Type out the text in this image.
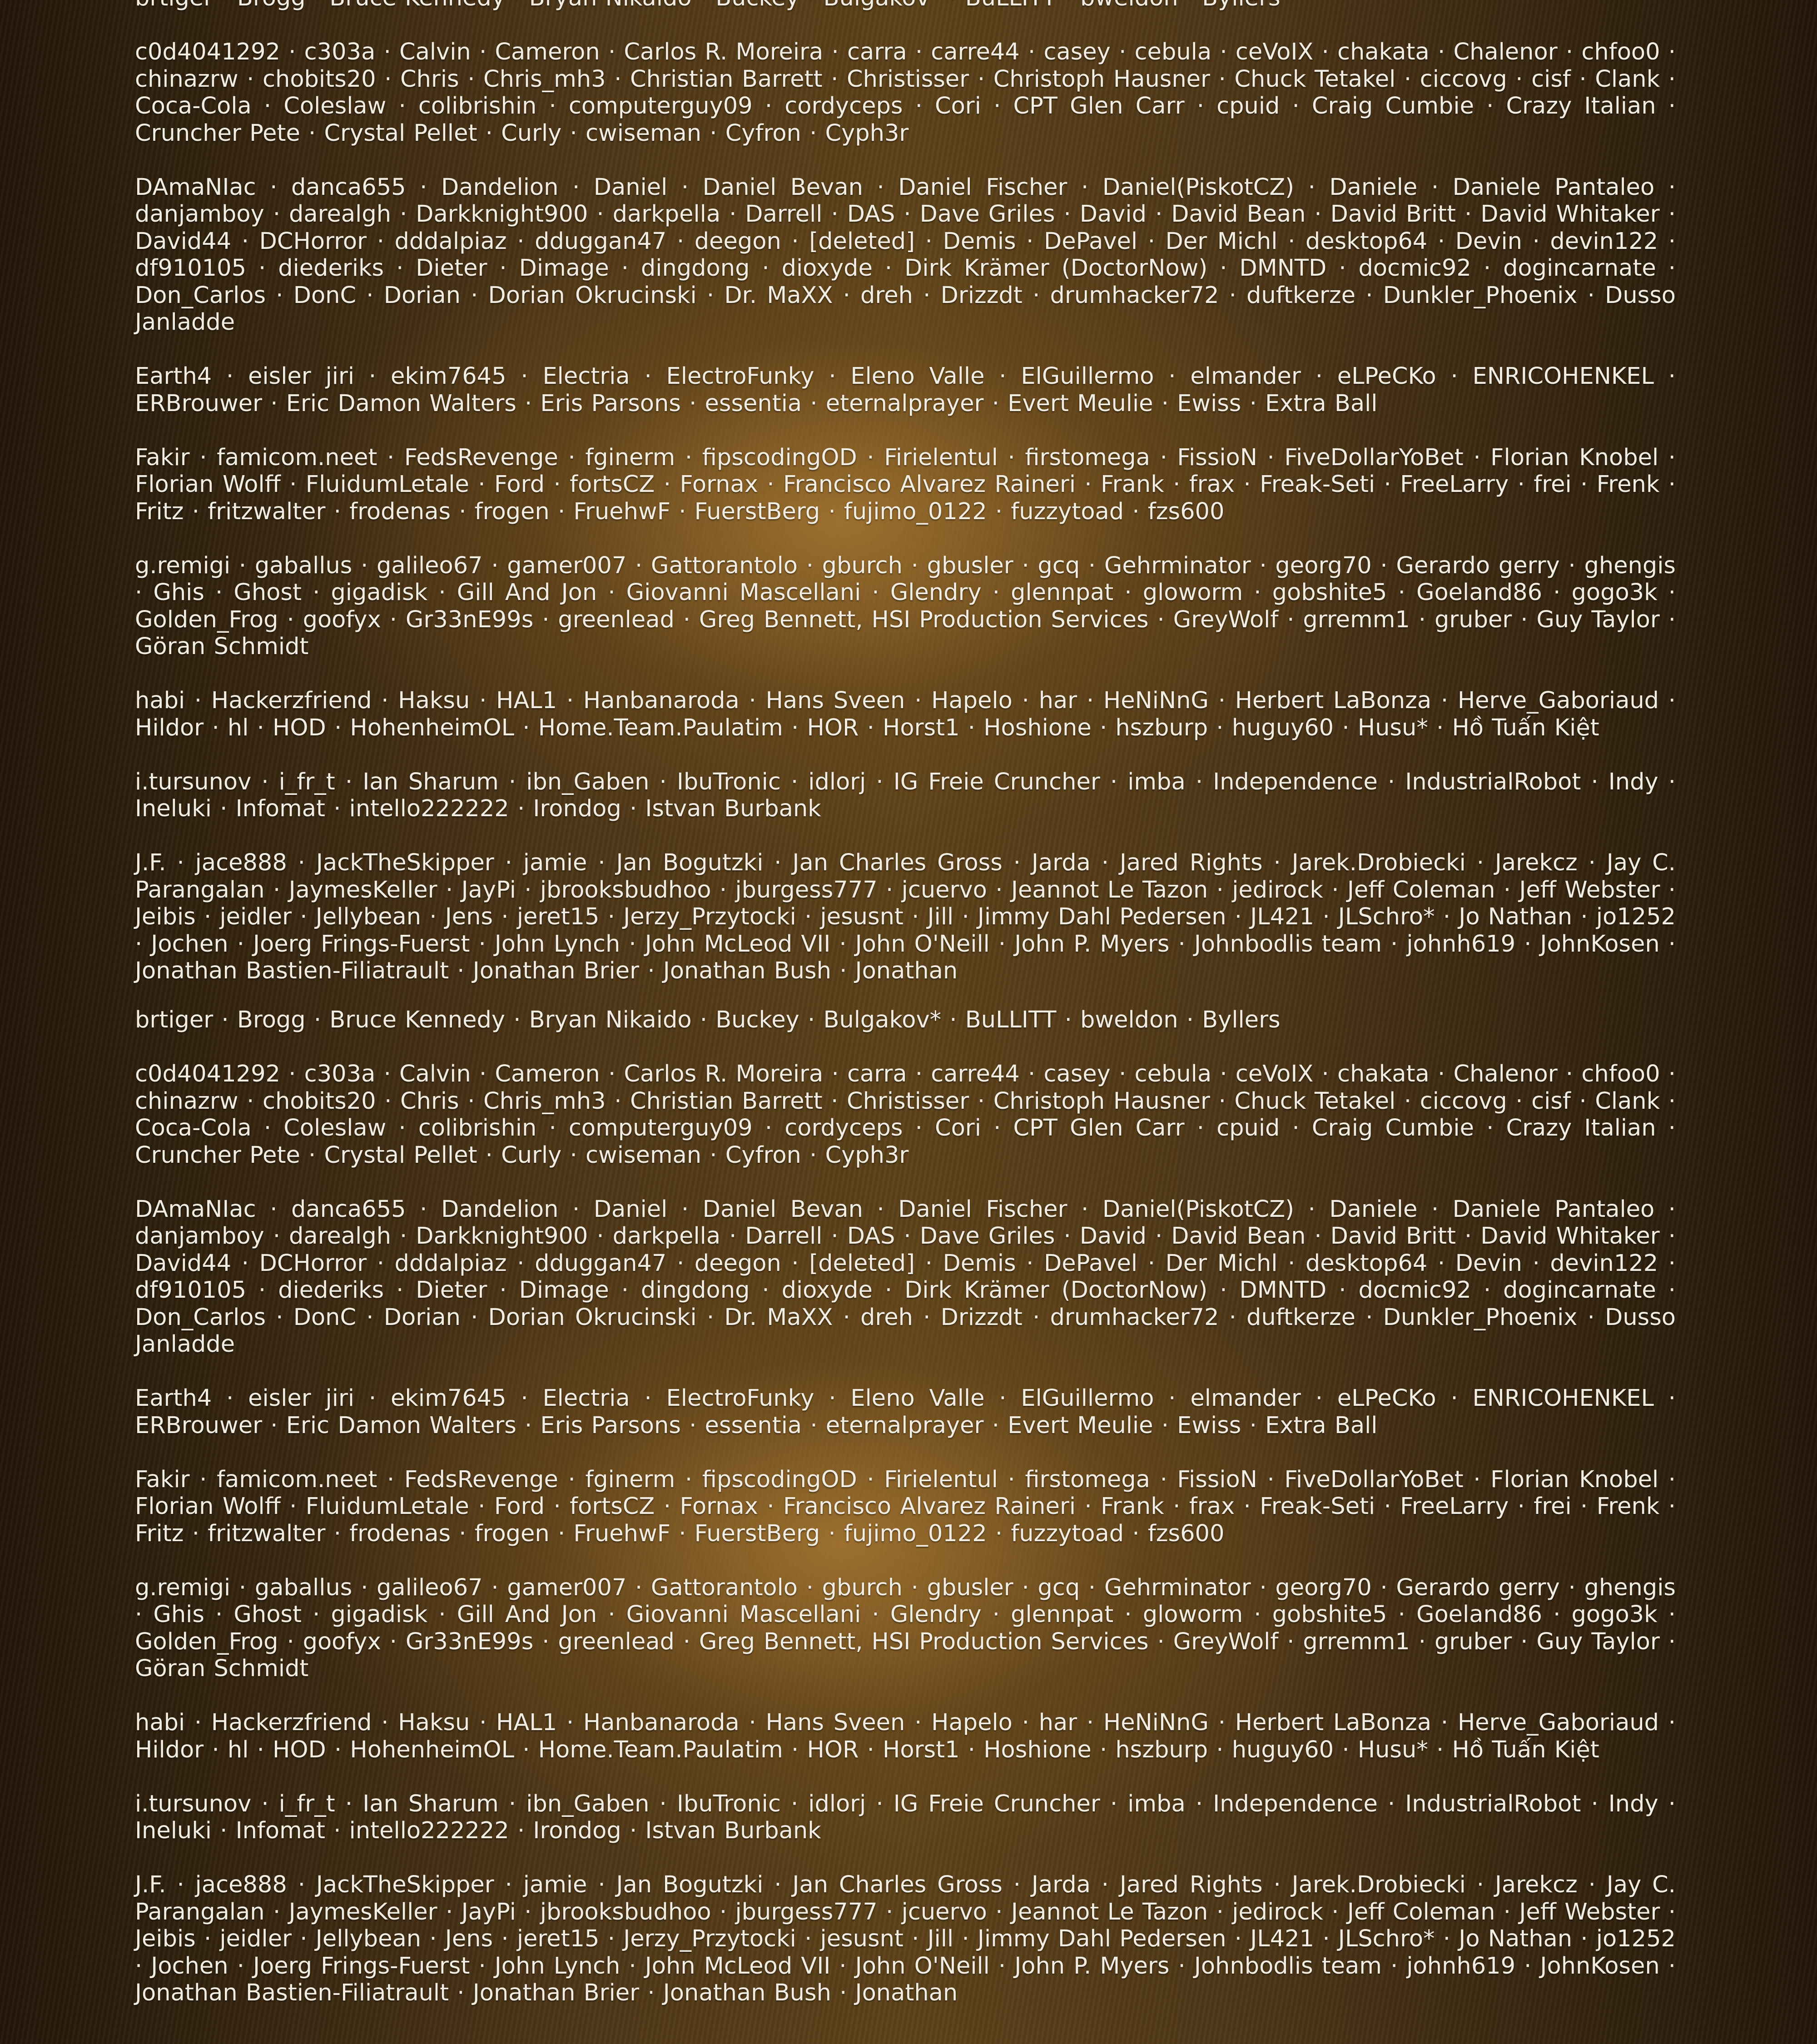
c0d4041292 · c303a · Calvin · Cameron · Carlos R. Moreira · carra · carre44 · casey · cebula · ceVoIX · chakata · Chalenor · chfoo0 · chinazrw · chobits20 · Chris · Chris_mh3 · Christian Barrett · Christisser · Christoph Hausner · Chuck Tetakel · ciccovg · cisf · Clank · Coca-Cola · Coleslaw · colibrishin · computerguy09 · cordyceps · Cori · CPT Glen Carr · cpuid · Craig Cumbie · Crazy Italian · Cruncher Pete · Crystal Pellet · Curly · cwiseman · Cyfron · Cyph3r

DAmaNIac · danca655 · Dandelion · Daniel · Daniel Bevan · Daniel Fischer · Daniel(PiskotCZ) · Daniele · Daniele Pantaleo · danjamboy · darealgh · Darkknight900 · darkpella · Darrell · DAS · Dave Griles · David · David Bean · David Britt · David Whitaker · David44 · DCHorror · dddalpiaz · dduggan47 · deegon · [deleted] · Demis · DePavel · Der Michl · desktop64 · Devin · devin122 · df910105 · diederiks · Dieter · Dimage · dingdong · dioxyde · Dirk Krämer (DoctorNow) · DMNTD · docmic92 · dogincarnate · Don_Carlos · DonC · Dorian · Dorian Okrucinski · Dr. MaXX · dreh · Drizzdt · drumhacker72 · duftkerze · Dunkler_Phoenix · Dusso Janladde

Earth4 · eisler jiri · ekim7645 · Electria · ElectroFunky · Eleno Valle · ElGuillermo · elmander · eLPeCKo · ENRICOHENKEL · ERBrouwer · Eric Damon Walters · Eris Parsons · essentia · eternalprayer · Evert Meulie · Ewiss · Extra Ball

Fakir · famicom.neet · FedsRevenge · fginerm · fipscodingOD · Firielentul · firstomega · FissioN · FiveDollarYoBet · Florian Knobel · Florian Wolff · FluidumLetale · Ford · fortsCZ · Fornax · Francisco Alvarez Raineri · Frank · frax · Freak-Seti · FreeLarry · frei · Frenk · Fritz · fritzwalter · frodenas · frogen · FruehwF · FuerstBerg · fujimo_0122 · fuzzytoad · fzs600

g.remigi · gaballus · galileo67 · gamer007 · Gattorantolo · gburch · gbusler · gcq · Gehrminator · georg70 · Gerardo gerry · ghengis · Ghis · Ghost · gigadisk · Gill And Jon · Giovanni Mascellani · Glendry · glennpat · gloworm · gobshite5 · Goeland86 · gogo3k · Golden_Frog · goofyx · Gr33nE99s · greenlead · Greg Bennett, HSI Production Services · GreyWolf · grremm1 · gruber · Guy Taylor · Göran Schmidt

habi · Hackerzfriend · Haksu · HAL1 · Hanbanaroda · Hans Sveen · Hapelo · har · HeNiNnG · Herbert LaBonza · Herve_Gaboriaud · Hildor · hl · HOD · HohenheimOL · Home.Team.Paulatim · HOR · Horst1 · Hoshione · hszburp · huguy60 · Husu* · Hồ Tuấn Kiệt

i.tursunov · i_fr_t · Ian Sharum · ibn_Gaben · IbuTronic · idlorj · IG Freie Cruncher · imba · Independence · IndustrialRobot · Indy · Ineluki · Infomat · intello222222 · Irondog · Istvan Burbank

J.F. · jace888 · JackTheSkipper · jamie · Jan Bogutzki · Jan Charles Gross · Jarda · Jared Rights · Jarek.Drobiecki · Jarekcz · Jay C. Parangalan · JaymesKeller · JayPi · jbrooksbudhoo · jburgess777 · jcuervo · Jeannot Le Tazon · jedirock · Jeff Coleman · Jeff Webster · Jeibis · jeidler · Jellybean · Jens · jeret15 · Jerzy_Przytocki · jesusnt · Jill · Jimmy Dahl Pedersen · JL421 · JLSchro* · Jo Nathan · jo1252 · Jochen · Joerg Frings-Fuerst · John Lynch · John McLeod VII · John O'Neill · John P. Myers · Johnbodlis team · johnh619 · JohnKosen · Jonathan Bastien-Filiatrault · Jonathan Brier · Jonathan Bush · Jonathan

brtiger · Brogg · Bruce Kennedy · Bryan Nikaido · Buckey · Bulgakov* · BuLLITT · bweldon · Byllers

c0d4041292 · c303a · Calvin · Cameron · Carlos R. Moreira · carra · carre44 · casey · cebula · ceVoIX · chakata · Chalenor · chfoo0 · chinazrw · chobits20 · Chris · Chris_mh3 · Christian Barrett · Christisser · Christoph Hausner · Chuck Tetakel · ciccovg · cisf · Clank · Coca-Cola · Coleslaw · colibrishin · computerguy09 · cordyceps · Cori · CPT Glen Carr · cpuid · Craig Cumbie · Crazy Italian · Cruncher Pete · Crystal Pellet · Curly · cwiseman · Cyfron · Cyph3r

DAmaNIac · danca655 · Dandelion · Daniel · Daniel Bevan · Daniel Fischer · Daniel(PiskotCZ) · Daniele · Daniele Pantaleo · danjamboy · darealgh · Darkknight900 · darkpella · Darrell · DAS · Dave Griles · David · David Bean · David Britt · David Whitaker · David44 · DCHorror · dddalpiaz · dduggan47 · deegon · [deleted] · Demis · DePavel · Der Michl · desktop64 · Devin · devin122 · df910105 · diederiks · Dieter · Dimage · dingdong · dioxyde · Dirk Krämer (DoctorNow) · DMNTD · docmic92 · dogincarnate · Don_Carlos · DonC · Dorian · Dorian Okrucinski · Dr. MaXX · dreh · Drizzdt · drumhacker72 · duftkerze · Dunkler_Phoenix · Dusso Janladde

Earth4 · eisler jiri · ekim7645 · Electria · ElectroFunky · Eleno Valle · ElGuillermo · elmander · eLPeCKo · ENRICOHENKEL · ERBrouwer · Eric Damon Walters · Eris Parsons · essentia · eternalprayer · Evert Meulie · Ewiss · Extra Ball

Fakir · famicom.neet · FedsRevenge · fginerm · fipscodingOD · Firielentul · firstomega · FissioN · FiveDollarYoBet · Florian Knobel · Florian Wolff · FluidumLetale · Ford · fortsCZ · Fornax · Francisco Alvarez Raineri · Frank · frax · Freak-Seti · FreeLarry · frei · Frenk · Fritz · fritzwalter · frodenas · frogen · FruehwF · FuerstBerg · fujimo_0122 · fuzzytoad · fzs600

g.remigi · gaballus · galileo67 · gamer007 · Gattorantolo · gburch · gbusler · gcq · Gehrminator · georg70 · Gerardo gerry · ghengis · Ghis · Ghost · gigadisk · Gill And Jon · Giovanni Mascellani · Glendry · glennpat · gloworm · gobshite5 · Goeland86 · gogo3k · Golden_Frog · goofyx · Gr33nE99s · greenlead · Greg Bennett, HSI Production Services · GreyWolf · grremm1 · gruber · Guy Taylor · Göran Schmidt

habi · Hackerzfriend · Haksu · HAL1 · Hanbanaroda · Hans Sveen · Hapelo · har · HeNiNnG · Herbert LaBonza · Herve_Gaboriaud · Hildor · hl · HOD · HohenheimOL · Home.Team.Paulatim · HOR · Horst1 · Hoshione · hszburp · huguy60 · Husu* · Hồ Tuấn Kiệt

i.tursunov · i_fr_t · Ian Sharum · ibn_Gaben · IbuTronic · idlorj · IG Freie Cruncher · imba · Independence · IndustrialRobot · Indy · Ineluki · Infomat · intello222222 · Irondog · Istvan Burbank

J.F. · jace888 · JackTheSkipper · jamie · Jan Bogutzki · Jan Charles Gross · Jarda · Jared Rights · Jarek.Drobiecki · Jarekcz · Jay C. Parangalan · JaymesKeller · JayPi · jbrooksbudhoo · jburgess777 · jcuervo · Jeannot Le Tazon · jedirock · Jeff Coleman · Jeff Webster · Jeibis · jeidler · Jellybean · Jens · jeret15 · Jerzy_Przytocki · jesusnt · Jill · Jimmy Dahl Pedersen · JL421 · JLSchro* · Jo Nathan · jo1252 · Jochen · Joerg Frings-Fuerst · John Lynch · John McLeod VII · John O'Neill · John P. Myers · Johnbodlis team · johnh619 · JohnKosen · Jonathan Bastien-Filiatrault · Jonathan Brier · Jonathan Bush · Jonathan
